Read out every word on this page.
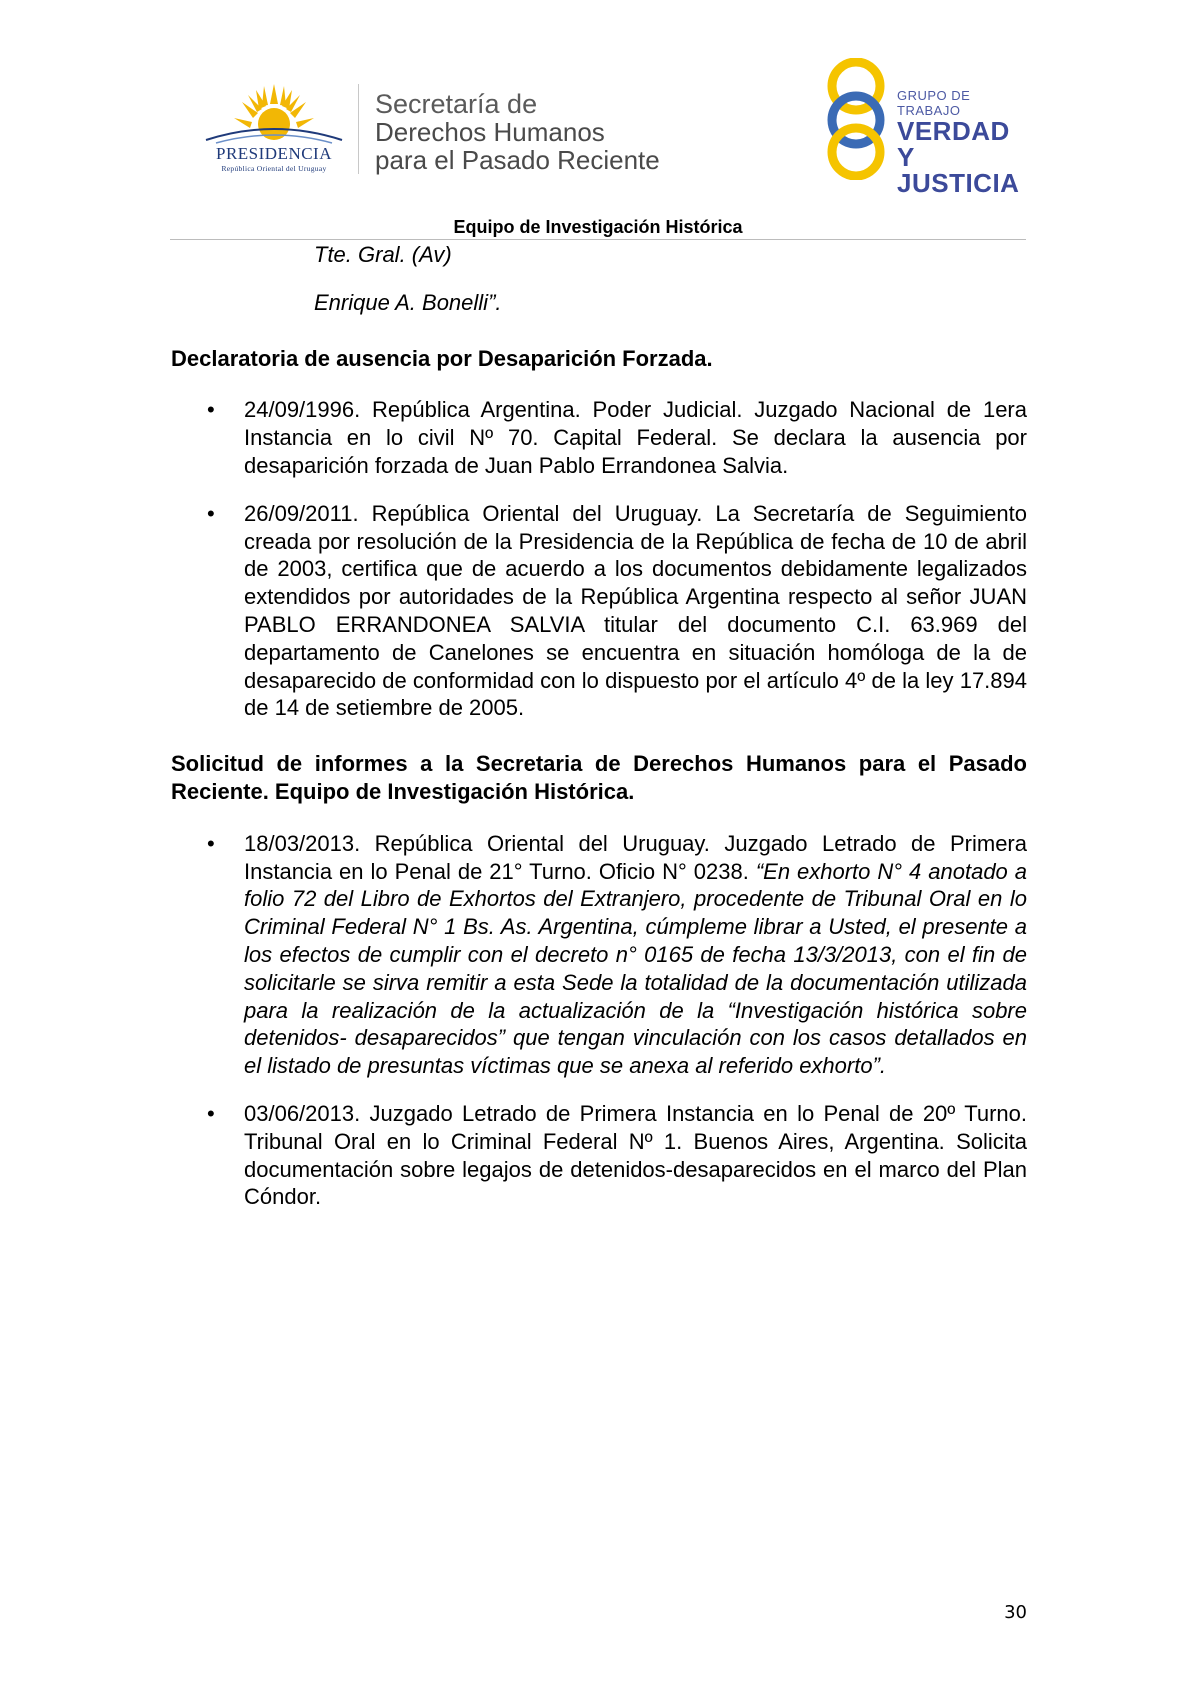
PRESIDENCIA
República Oriental del Uruguay
Secretaría de
Derechos Humanos
para el Pasado Reciente
GRUPO DE TRABAJO
VERDAD Y
JUSTICIA
Equipo de Investigación Histórica

Tte. Gral. (Av)

Enrique A. Bonelli”.

Declaratoria de ausencia por Desaparición Forzada.
• 24/09/1996. República Argentina. Poder Judicial. Juzgado Nacional de 1era Instancia en lo civil Nº 70. Capital Federal. Se declara la ausencia por desaparición forzada de Juan Pablo Errandonea Salvia.
• 26/09/2011. República Oriental del Uruguay. La Secretaría de Seguimiento creada por resolución de la Presidencia de la República de fecha de 10 de abril de 2003, certifica que de acuerdo a los documentos debidamente legalizados extendidos por autoridades de la República Argentina respecto al señor JUAN PABLO ERRANDONEA SALVIA titular del documento C.I. 63.969 del departamento de Canelones se encuentra en situación homóloga de la de desaparecido de conformidad con lo dispuesto por el artículo 4º de la ley 17.894 de 14 de setiembre de 2005.
Solicitud de informes a la Secretaria de Derechos Humanos para el Pasado Reciente. Equipo de Investigación Histórica.
• 18/03/2013. República Oriental del Uruguay. Juzgado Letrado de Primera Instancia en lo Penal de 21° Turno. Oficio N° 0238. “En exhorto N° 4 anotado a folio 72 del Libro de Exhortos del Extranjero, procedente de Tribunal Oral en lo Criminal Federal N° 1 Bs. As. Argentina, cúmpleme librar a Usted, el presente a los efectos de cumplir con el decreto n° 0165 de fecha 13/3/2013, con el fin de solicitarle se sirva remitir a esta Sede la totalidad de la documentación utilizada para la realización de la actualización de la “Investigación histórica sobre detenidos- desaparecidos” que tengan vinculación con los casos detallados en el listado de presuntas víctimas que se anexa al referido exhorto”.
• 03/06/2013. Juzgado Letrado de Primera Instancia en lo Penal de 20º Turno. Tribunal Oral en lo Criminal Federal Nº 1. Buenos Aires, Argentina. Solicita documentación sobre legajos de detenidos-desaparecidos en el marco del Plan Cóndor.
30
